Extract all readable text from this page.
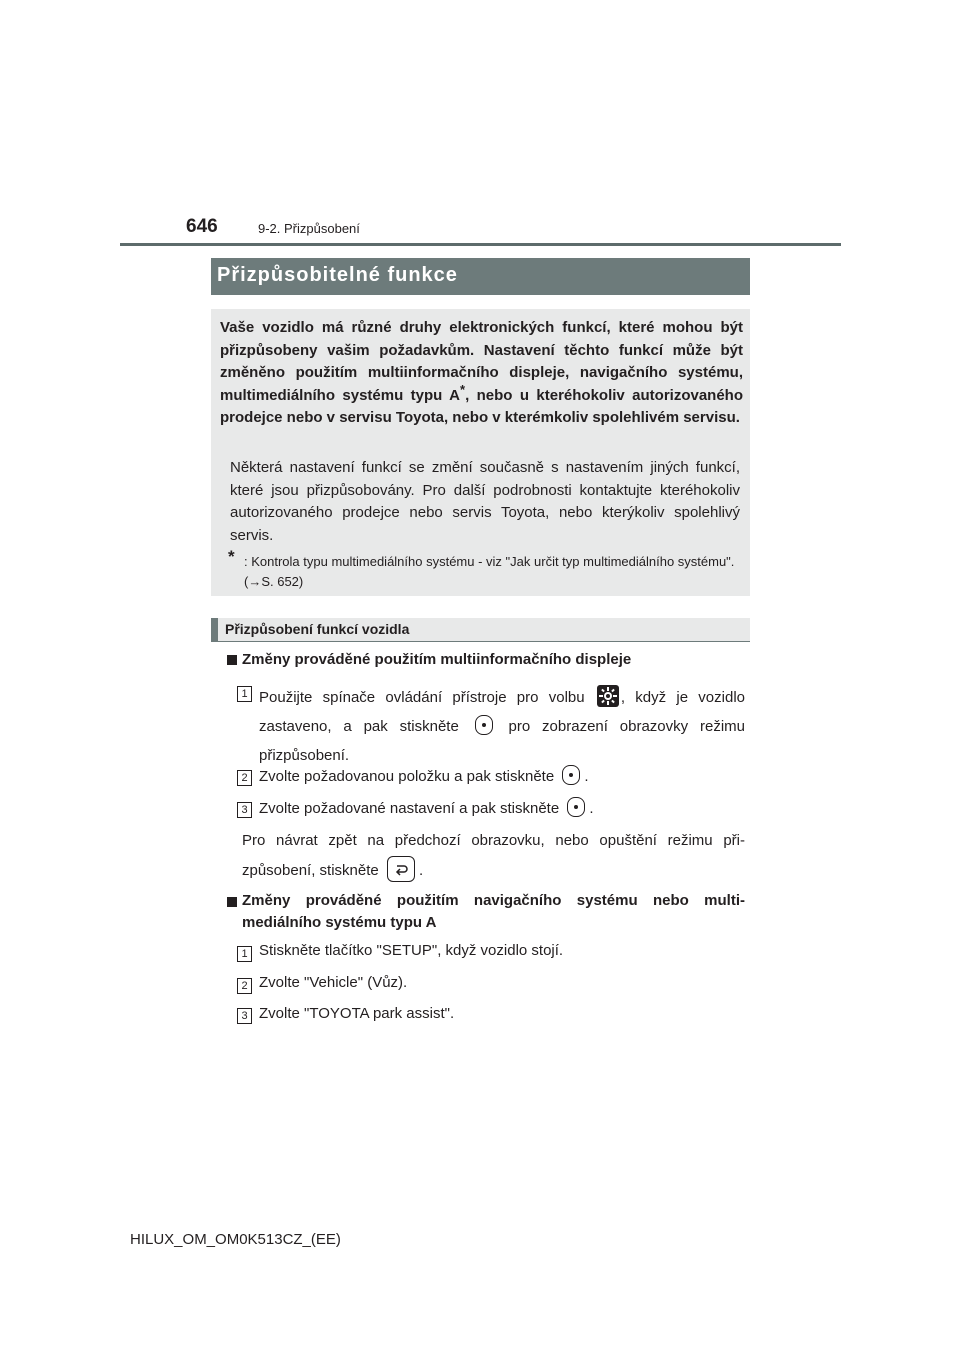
646	9-2. Přizpůsobení
Přizpůsobitelné funkce
Vaše vozidlo má různé druhy elektronických funkcí, které mohou být přizpůsobeny vašim požadavkům. Nastavení těchto funkcí může být změněno použitím multiinformačního displeje, navigačního systému, multimediálního systému typu A*, nebo u kteréhokoliv autorizovaného prodejce nebo v servisu Toyota, nebo v kterémkoliv spolehlivém servisu.
Některá nastavení funkcí se změní současně s nastavením jiných funkcí, které jsou přizpůsobovány. Pro další podrobnosti kontaktujte kteréhokoliv autorizovaného prodejce nebo servis Toyota, nebo kterýkoliv spolehlivý servis.
* : Kontrola typu multimediálního systému - viz "Jak určit typ multimediálního systému". (→S. 652)
Přizpůsobení funkcí vozidla
Změny prováděné použitím multiinformačního displeje
1 Použijte spínače ovládání přístroje pro volbu , když je vozidlo zastaveno, a pak stiskněte	pro zobrazení obrazovky režimu přizpůsobení.
2 Zvolte požadovanou položku a pak stiskněte .
3 Zvolte požadované nastavení a pak stiskněte .
Pro návrat zpět na předchozí obrazovku, nebo opuštění režimu přizpůsobení, stiskněte	.
Změny prováděné použitím navigačního systému nebo multimediálního systému typu A
1 Stiskněte tlačítko "SETUP", když vozidlo stojí.
2 Zvolte "Vehicle" (Vůz).
3 Zvolte "TOYOTA park assist".
HILUX_OM_OM0K513CZ_(EE)
